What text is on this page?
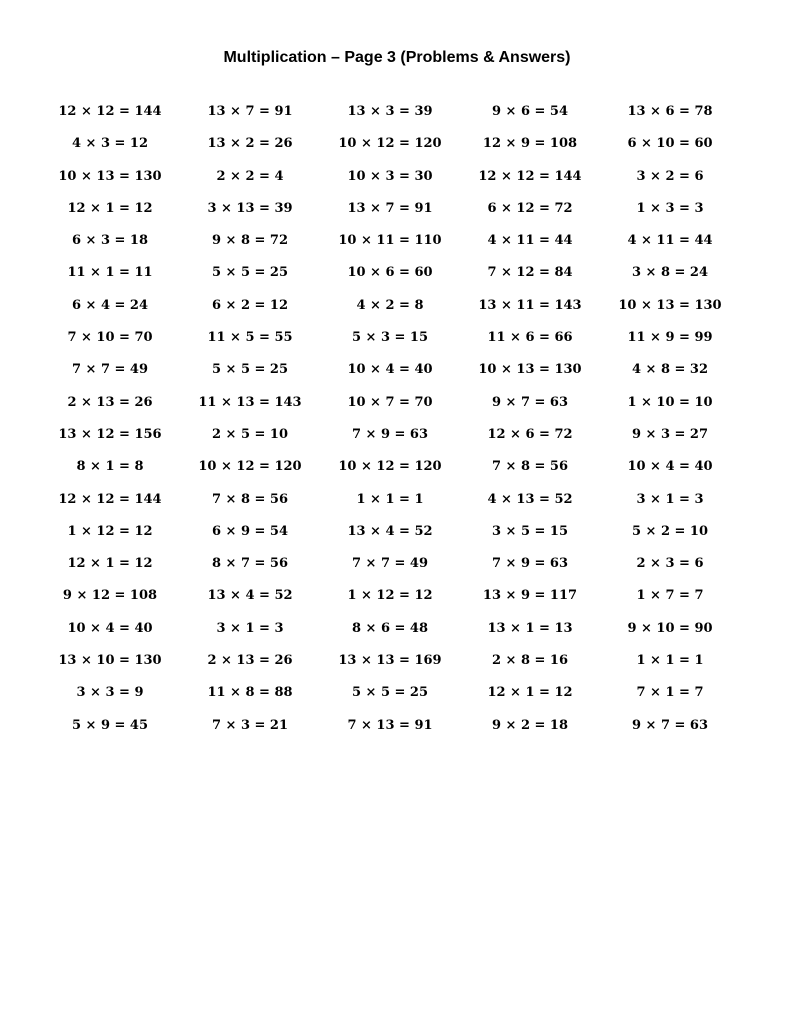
Multiplication – Page 3 (Problems & Answers)
12 × 12 = 144	13 × 7 = 91	13 × 3 = 39	9 × 6 = 54	13 × 6 = 78
4 × 3 = 12	13 × 2 = 26	10 × 12 = 120	12 × 9 = 108	6 × 10 = 60
10 × 13 = 130	2 × 2 = 4	10 × 3 = 30	12 × 12 = 144	3 × 2 = 6
12 × 1 = 12	3 × 13 = 39	13 × 7 = 91	6 × 12 = 72	1 × 3 = 3
6 × 3 = 18	9 × 8 = 72	10 × 11 = 110	4 × 11 = 44	4 × 11 = 44
11 × 1 = 11	5 × 5 = 25	10 × 6 = 60	7 × 12 = 84	3 × 8 = 24
6 × 4 = 24	6 × 2 = 12	4 × 2 = 8	13 × 11 = 143	10 × 13 = 130
7 × 10 = 70	11 × 5 = 55	5 × 3 = 15	11 × 6 = 66	11 × 9 = 99
7 × 7 = 49	5 × 5 = 25	10 × 4 = 40	10 × 13 = 130	4 × 8 = 32
2 × 13 = 26	11 × 13 = 143	10 × 7 = 70	9 × 7 = 63	1 × 10 = 10
13 × 12 = 156	2 × 5 = 10	7 × 9 = 63	12 × 6 = 72	9 × 3 = 27
8 × 1 = 8	10 × 12 = 120	10 × 12 = 120	7 × 8 = 56	10 × 4 = 40
12 × 12 = 144	7 × 8 = 56	1 × 1 = 1	4 × 13 = 52	3 × 1 = 3
1 × 12 = 12	6 × 9 = 54	13 × 4 = 52	3 × 5 = 15	5 × 2 = 10
12 × 1 = 12	8 × 7 = 56	7 × 7 = 49	7 × 9 = 63	2 × 3 = 6
9 × 12 = 108	13 × 4 = 52	1 × 12 = 12	13 × 9 = 117	1 × 7 = 7
10 × 4 = 40	3 × 1 = 3	8 × 6 = 48	13 × 1 = 13	9 × 10 = 90
13 × 10 = 130	2 × 13 = 26	13 × 13 = 169	2 × 8 = 16	1 × 1 = 1
3 × 3 = 9	11 × 8 = 88	5 × 5 = 25	12 × 1 = 12	7 × 1 = 7
5 × 9 = 45	7 × 3 = 21	7 × 13 = 91	9 × 2 = 18	9 × 7 = 63
